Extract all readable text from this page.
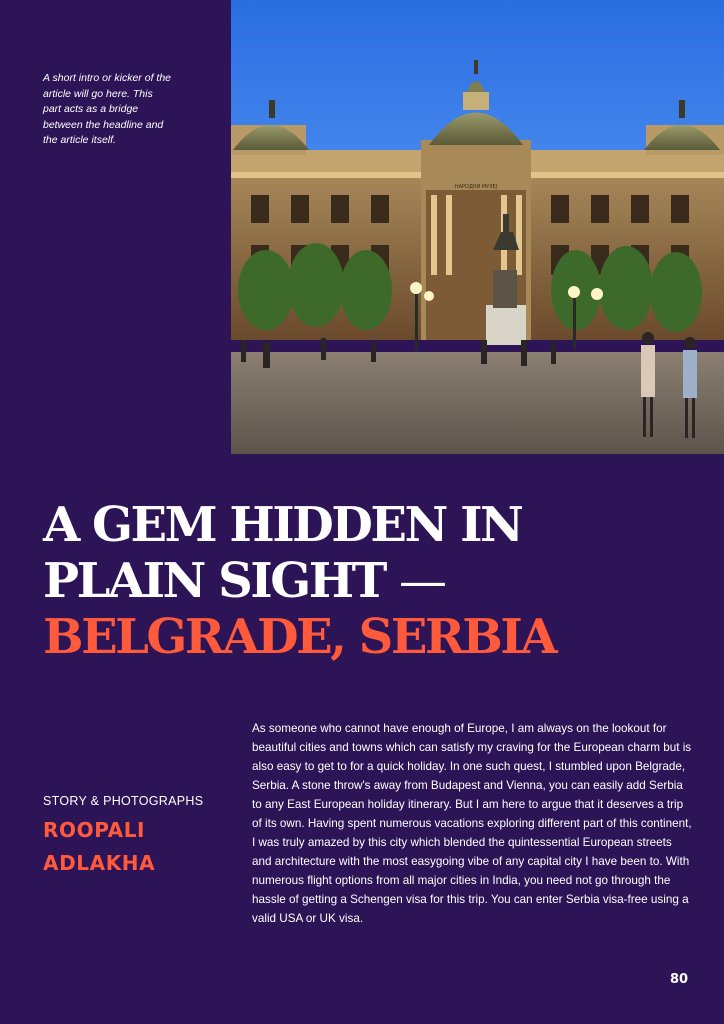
A short intro or kicker of the article will go here. This part acts as a bridge between the headline and the article itself.
НАРОДНИ МУЗЕЈ
A GEM HIDDEN IN
PLAIN SIGHT —
BELGRADE, SERBIA
STORY & PHOTOGRAPHS
ROOPALI
ADLAKHA
As someone who cannot have enough of Europe, I am always on the lookout for beautiful cities and towns which can satisfy my craving for the European charm but is also easy to get to for a quick holiday. In one such quest, I stumbled upon Belgrade, Serbia. A stone throw's away from Budapest and Vienna, you can easily add Serbia to any East European holiday itinerary. But I am here to argue that it deserves a trip of its own. Having spent numerous vacations exploring different part of this continent, I was truly amazed by this city which blended the quintessential European streets and architecture with the most easygoing vibe of any capital city I have been to. With numerous flight options from all major cities in India, you need not go through the hassle of getting a Schengen visa for this trip. You can enter Serbia visa-free using a valid USA or UK visa.
80
